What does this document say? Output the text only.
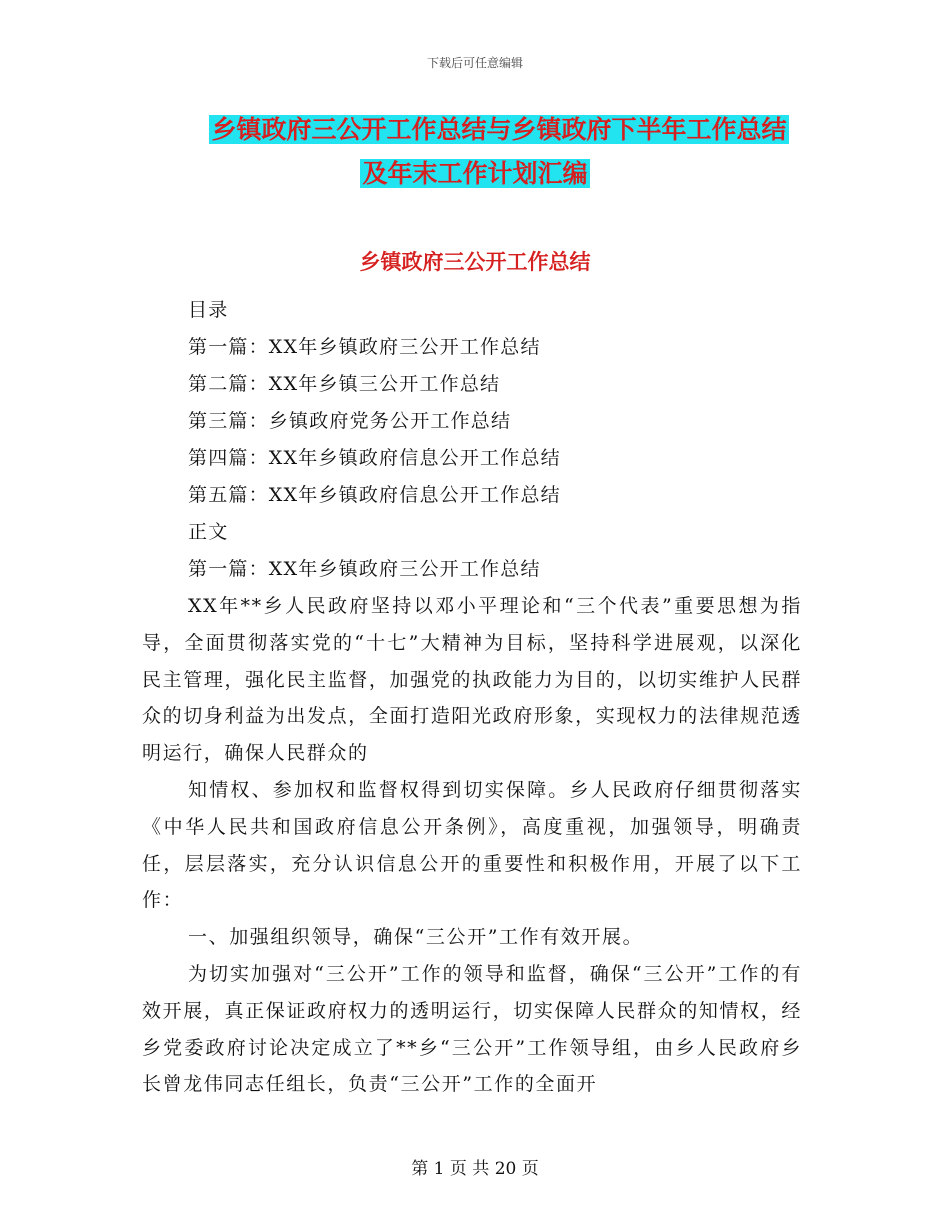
下载后可任意编辑
乡镇政府三公开工作总结与乡镇政府下半年工作总结
及年末工作计划汇编
乡镇政府三公开工作总结
目录
第一篇：XX年乡镇政府三公开工作总结
第二篇：XX年乡镇三公开工作总结
第三篇：乡镇政府党务公开工作总结
第四篇：XX年乡镇政府信息公开工作总结
第五篇：XX年乡镇政府信息公开工作总结
正文
第一篇：XX年乡镇政府三公开工作总结

XX年**乡人民政府坚持以邓小平理论和“三个代表”重要思想为指导，全面贯彻落实党的“十七”大精神为目标，坚持科学进展观，以深化民主管理，强化民主监督，加强党的执政能力为目的，以切实维护人民群众的切身利益为出发点，全面打造阳光政府形象，实现权力的法律规范透明运行，确保人民群众的

知情权、参加权和监督权得到切实保障。乡人民政府仔细贯彻落实《中华人民共和国政府信息公开条例》，高度重视，加强领导，明确责任，层层落实，充分认识信息公开的重要性和积极作用，开展了以下工作：

一、加强组织领导，确保“三公开”工作有效开展。

为切实加强对“三公开”工作的领导和监督，确保“三公开”工作的有效开展，真正保证政府权力的透明运行，切实保障人民群众的知情权，经乡党委政府讨论决定成立了**乡“三公开”工作领导组，由乡人民政府乡长曾龙伟同志任组长，负责“三公开”工作的全面开

第 1 页 共 20 页
